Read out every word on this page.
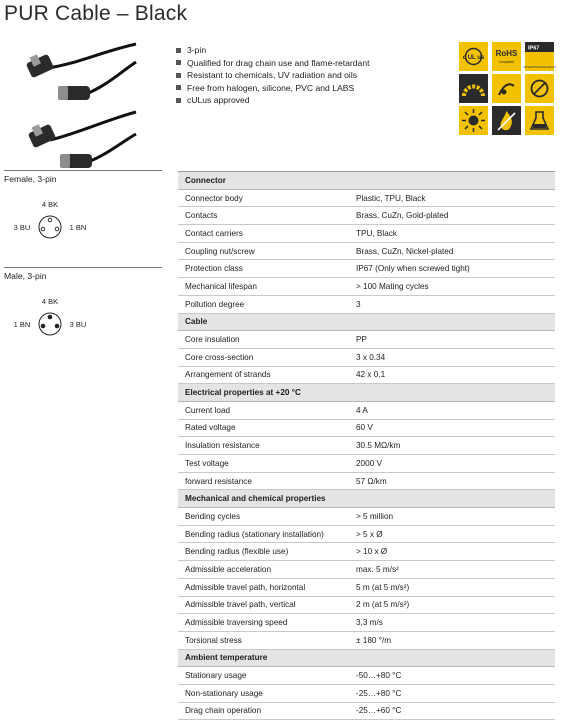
PUR Cable – Black
3-pin
Qualified for drag chain use and flame-retardant
Resistant to chemicals, UV radiation and oils
Free from halogen, silicone, PVC and LABS
cULus approved
c UL us RoHS
compliant
IP67
SCHLEPPKETTENTAUGLICH
Female, 3-pin
4 BK
3 BU	1 BN
Male, 3-pin
4 BK
1 BN	3 BU
Connector	
Connector body	Plastic, TPU, Black
Contacts	Brass, CuZn, Gold-plated
Contact carriers	TPU, Black
Coupling nut/screw	Brass, CuZn, Nickel-plated
Protection class	IP67 (Only when screwed tight)
Mechanical lifespan	> 100 Mating cycles
Pollution degree	3
Cable	
Core insulation	PP
Core cross-section	3 x 0.34
Arrangement of strands	42 x 0.1
Electrical properties at +20 °C	
Current load	4 A
Rated voltage	60 V
Insulation resistance	30.5 MΩ/km
Test voltage	2000 V
forward resistance	57 Ω/km
Mechanical and chemical properties	
Bending cycles	> 5 million
Bending radius (stationary installation)	> 5 x Ø
Bending radius (flexible use)	> 10 x Ø
Admissible acceleration	max. 5 m/s²
Admissible travel path, horizontal	5 m (at 5 m/s²)
Admissible travel path, vertical	2 m (at 5 m/s²)
Admissible traversing speed	3,3 m/s
Torsional stress	± 180 °/m
Ambient temperature	
Stationary usage	-50…+80 °C
Non-stationary usage	-25…+80 °C
Drag chain operation	-25…+60 °C
